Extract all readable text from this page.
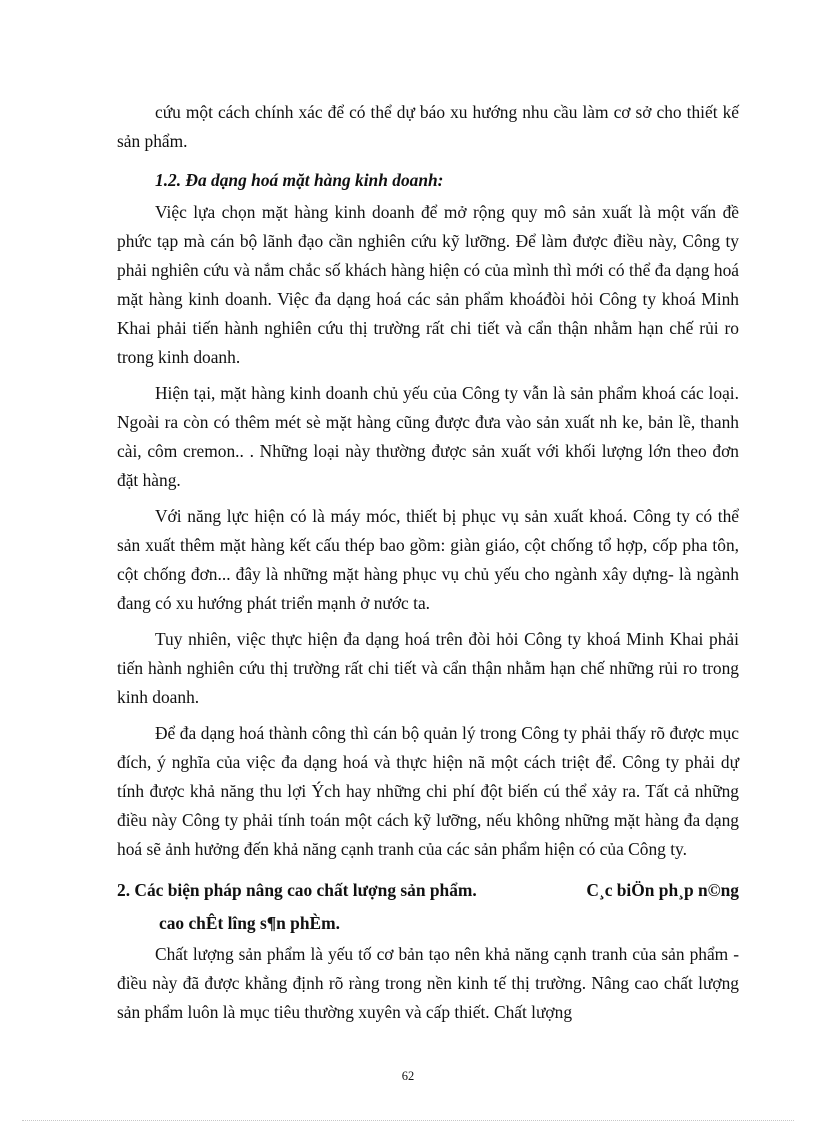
cứu một cách chính xác để có thể dự báo xu hướng nhu cầu làm cơ sở cho thiết kế sản phẩm.

1.2. Đa dạng hoá mặt hàng kinh doanh:

Việc lựa chọn mặt hàng kinh doanh để mở rộng quy mô sản xuất là một vấn đề phức tạp mà cán bộ lãnh đạo cần nghiên cứu kỹ lưỡng. Để làm được điều này, Công ty phải nghiên cứu và nắm chắc số khách hàng hiện có của mình thì mới có thể đa dạng hoá mặt hàng kinh doanh. Việc đa dạng hoá các sản phẩm khoáđòi hỏi Công ty khoá Minh Khai phải tiến hành nghiên cứu thị trường rất chi tiết và cẩn thận nhằm hạn chế rủi ro trong kinh doanh.

Hiện tại, mặt hàng kinh doanh chủ yếu của Công ty vẫn là sản phẩm khoá các loại. Ngoài ra còn có thêm mét sè mặt hàng cũng được đưa vào sản xuất nh ke, bản lề, thanh cài, côm cremon.. . Những loại này thường được sản xuất với khối lượng lớn theo đơn đặt hàng.

Với năng lực hiện có là máy móc, thiết bị phục vụ sản xuất khoá. Công ty có thể sản xuất thêm mặt hàng kết cấu thép bao gồm: giàn giáo, cột chống tổ hợp, cốp pha tôn, cột chống đơn... đây là những mặt hàng phục vụ chủ yếu cho ngành xây dựng- là ngành đang có xu hướng phát triển mạnh ở nước ta.

Tuy nhiên, việc thực hiện đa dạng hoá trên đòi hỏi Công ty khoá Minh Khai phải tiến hành nghiên cứu thị trường rất chi tiết và cẩn thận nhằm hạn chế những rủi ro trong kinh doanh.

Để đa dạng hoá thành công thì cán bộ quản lý trong Công ty phải thấy rõ được mục đích, ý nghĩa của việc đa dạng hoá và thực hiện nã một cách triệt để. Công ty phải dự tính được khả năng thu lợi Ých hay những chi phí đột biến cú thể xảy ra. Tất cả những điều này Công ty phải tính toán một cách kỹ lưỡng, nếu không những mặt hàng đa dạng hoá sẽ ảnh hưởng đến khả năng cạnh tranh của các sản phẩm hiện có của Công ty.

2. Các biện pháp nâng cao chất lượng sản phẩm.	C¸c biÖn ph¸p n©ng

cao chÊt lîng s¶n phÈm.

Chất lượng sản phẩm là yếu tố cơ bản tạo nên khả năng cạnh tranh của sản phẩm - điều này đã được khẳng định rõ ràng trong nền kinh tế thị trường. Nâng cao chất lượng sản phẩm luôn là mục tiêu thường xuyên và cấp thiết. Chất lượng

62
